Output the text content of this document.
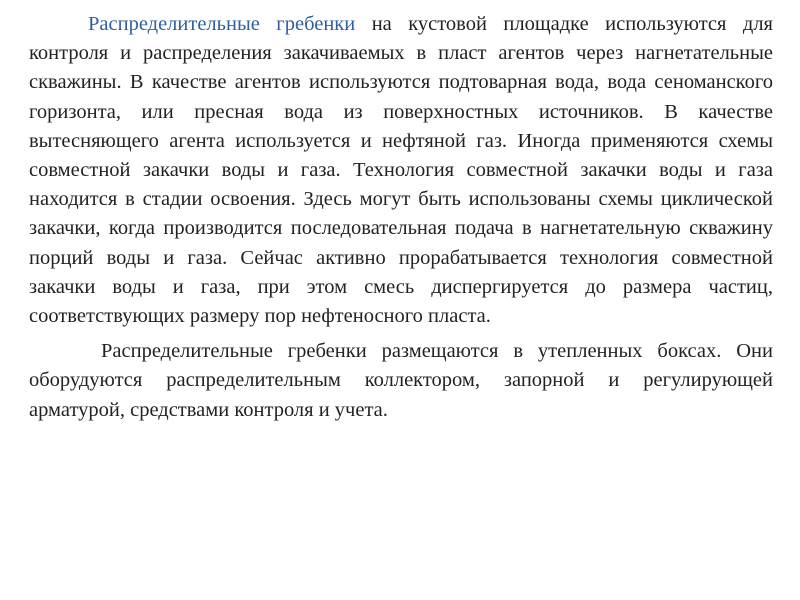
Распределительные гребенки на кустовой площадке используются для контроля и распределения закачиваемых в пласт агентов через нагнетательные скважины. В качестве агентов используются подтоварная вода, вода сеноманского горизонта, или пресная вода из поверхностных источников. В качестве вытесняющего агента используется и нефтяной газ. Иногда применяются схемы совместной закачки воды и газа. Технология совместной закачки воды и газа находится в стадии освоения. Здесь могут быть использованы схемы циклической закачки, когда производится последовательная подача в нагнетательную скважину порций воды и газа. Сейчас активно прорабатывается технология совместной закачки воды и газа, при этом смесь диспергируется до размера частиц, соответствующих размеру пор нефтеносного пласта.

Распределительные гребенки размещаются в утепленных боксах. Они оборудуются распределительным коллектором, запорной и регулирующей арматурой, средствами контроля и учета.
